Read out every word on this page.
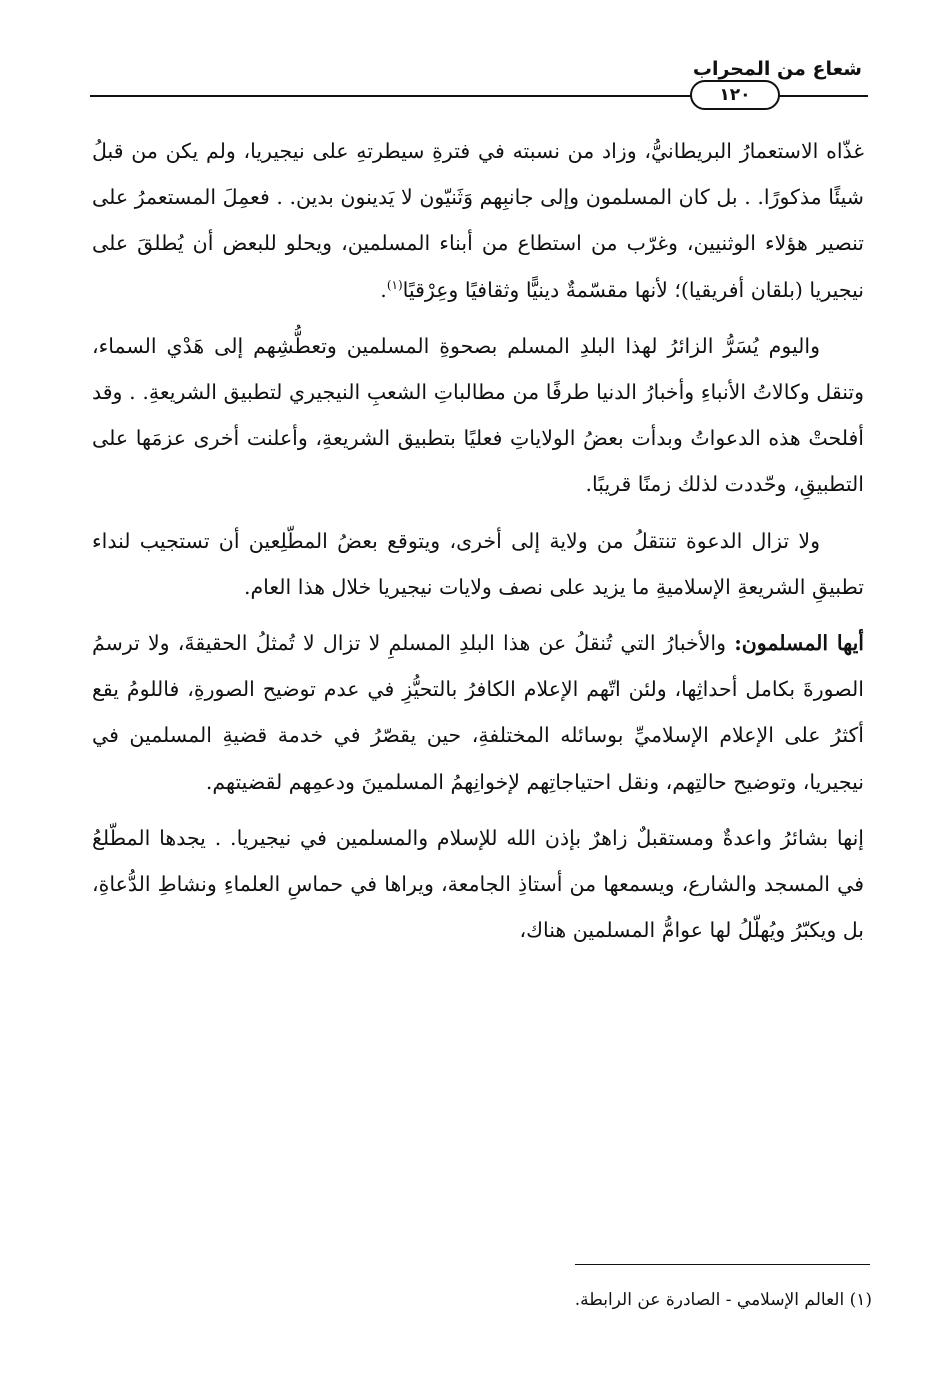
شعاع من المحراب
١٢٠

غذّاه الاستعمارُ البريطانيُّ، وزاد من نسبته في فترةِ سيطرتهِ على نيجيريا، ولم يكن من قبلُ شيئًا مذكورًا. . بل كان المسلمون وإلى جانبِهم وَثَنيّون لا يَدينون بدين. . فعمِلَ المستعمرُ على تنصير هؤلاء الوثنيين، وغرّب من استطاع من أبناء المسلمين، ويحلو للبعض أن يُطلقَ على نيجيريا (بلقان أفريقيا)؛ لأنها مقسّمةٌ دينيًّا وثقافيًا وعِرْقيًا$^{(١)}$.

واليوم يُسَرُّ الزائرُ لهذا البلدِ المسلم بصحوةِ المسلمين وتعطُّشِهم إلى هَدْي السماء، وتنقل وكالاتُ الأنباءِ وأخبارُ الدنيا طرفًا من مطالباتِ الشعبِ النيجيري لتطبيق الشريعةِ. . وقد أفلحتْ هذه الدعواتُ وبدأت بعضُ الولاياتِ فعليًا بتطبيق الشريعةِ، وأعلنت أخرى عزمَها على التطبيقِ، وحّددت لذلك زمنًا قريبًا.

ولا تزال الدعوة تنتقلُ من ولاية إلى أخرى، ويتوقع بعضُ المطّلِعين أن تستجيب لنداء تطبيقِ الشريعةِ الإسلاميةِ ما يزيد على نصف ولايات نيجيريا خلال هذا العام.

أيها المسلمون: والأخبارُ التي تُنقلُ عن هذا البلدِ المسلمِ لا تزال لا تُمثلُ الحقيقةَ، ولا ترسمُ الصورةَ بكامل أحداثِها، ولئن اتّهم الإعلام الكافرُ بالتحيُّزِ في عدم توضيح الصورةِ، فاللومُ يقع أكثرُ على الإعلام الإسلاميِّ بوسائله المختلفةِ، حين يقصّرُ في خدمة قضيةِ المسلمين في نيجيريا، وتوضيح حالتِهم، ونقل احتياجاتِهم لإخوانِهمُ المسلمينَ ودعمِهم لقضيتهم.

إنها بشائرُ واعدةٌ ومستقبلٌ زاهرٌ بإذن الله للإسلام والمسلمين في نيجيريا. . يجدها المطّلعُ في المسجد والشارع، ويسمعها من أستاذِ الجامعة، ويراها في حماسِ العلماءِ ونشاطِ الدُّعاةِ، بل ويكبّرُ ويُهلّلُ لها عوامُّ المسلمين هناك،

(١) العالم الإسلامي - الصادرة عن الرابطة.
